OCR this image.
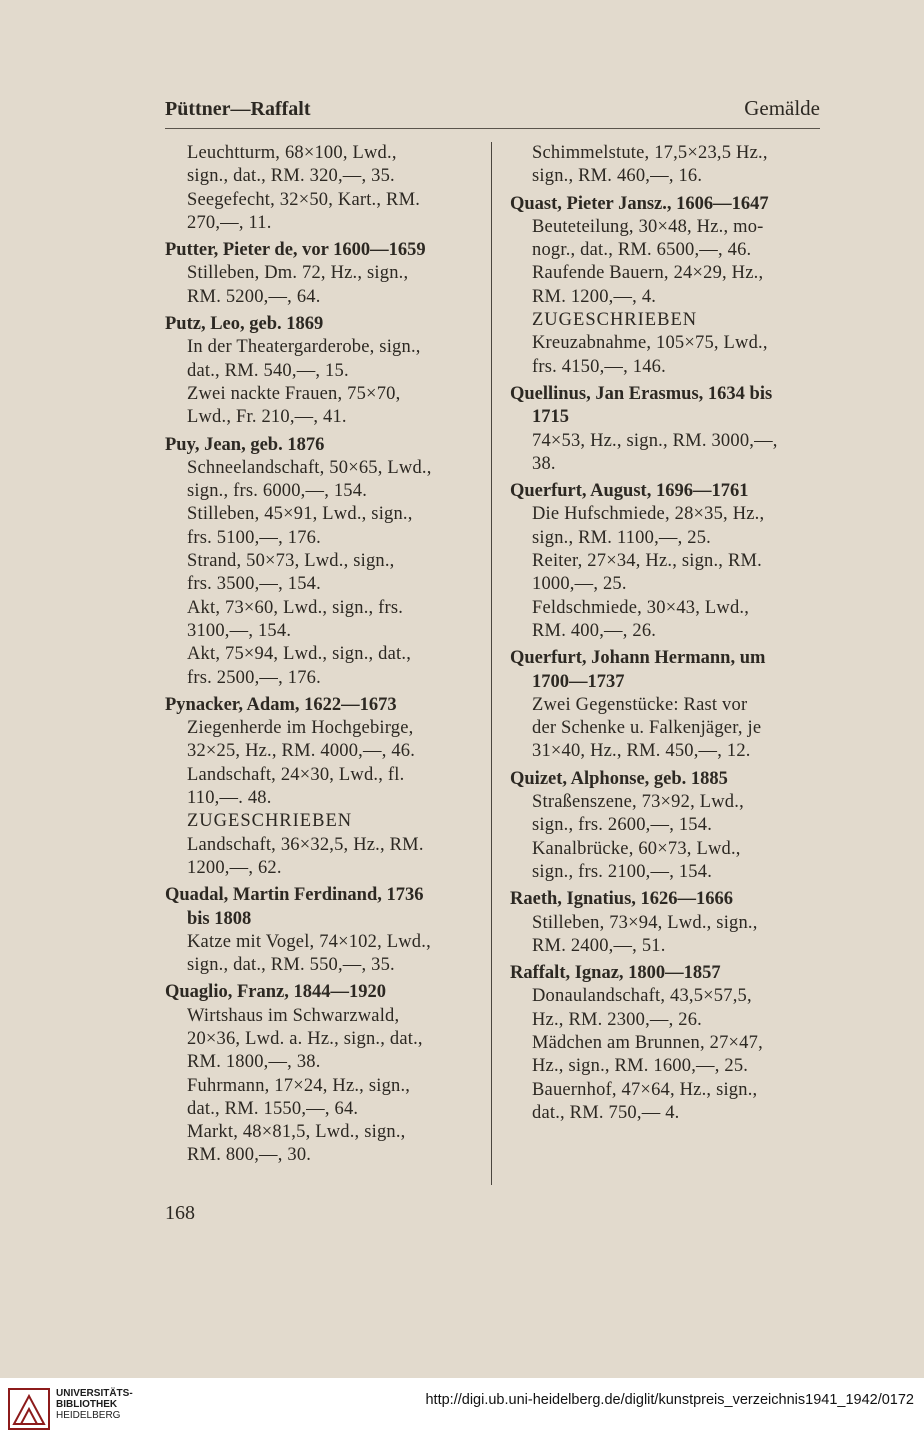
Püttner—Raffalt	Gemälde
Leuchtturm, 68×100, Lwd.,
sign., dat., RM. 320,—, 35.
Seegefecht, 32×50, Kart., RM.
270,—, 11.
Putter, Pieter de, vor 1600—1659
Stilleben, Dm. 72, Hz., sign.,
RM. 5200,—, 64.
Putz, Leo, geb. 1869
In der Theatergarderobe, sign.,
dat., RM. 540,—, 15.
Zwei nackte Frauen, 75×70,
Lwd., Fr. 210,—, 41.
Puy, Jean, geb. 1876
Schneelandschaft, 50×65, Lwd.,
sign., frs. 6000,—, 154.
Stilleben, 45×91, Lwd., sign.,
frs. 5100,—, 176.
Strand, 50×73, Lwd., sign.,
frs. 3500,—, 154.
Akt, 73×60, Lwd., sign., frs.
3100,—, 154.
Akt, 75×94, Lwd., sign., dat.,
frs. 2500,—, 176.
Pynacker, Adam, 1622—1673
Ziegenherde im Hochgebirge,
32×25, Hz., RM. 4000,—, 46.
Landschaft, 24×30, Lwd., fl.
110,—. 48.
ZUGESCHRIEBEN
Landschaft, 36×32,5, Hz., RM.
1200,—, 62.
Quadal, Martin Ferdinand, 1736
bis 1808
Katze mit Vogel, 74×102, Lwd.,
sign., dat., RM. 550,—, 35.
Quaglio, Franz, 1844—1920
Wirtshaus im Schwarzwald,
20×36, Lwd. a. Hz., sign., dat.,
RM. 1800,—, 38.
Fuhrmann, 17×24, Hz., sign.,
dat., RM. 1550,—, 64.
Markt, 48×81,5, Lwd., sign.,
RM. 800,—, 30.
Schimmelstute, 17,5×23,5 Hz.,
sign., RM. 460,—, 16.
Quast, Pieter Jansz., 1606—1647
Beuteteilung, 30×48, Hz., mo-
nogr., dat., RM. 6500,—, 46.
Raufende Bauern, 24×29, Hz.,
RM. 1200,—, 4.
ZUGESCHRIEBEN
Kreuzabnahme, 105×75, Lwd.,
frs. 4150,—, 146.
Quellinus, Jan Erasmus, 1634 bis
1715
74×53, Hz., sign., RM. 3000,—,
38.
Querfurt, August, 1696—1761
Die Hufschmiede, 28×35, Hz.,
sign., RM. 1100,—, 25.
Reiter, 27×34, Hz., sign., RM.
1000,—, 25.
Feldschmiede, 30×43, Lwd.,
RM. 400,—, 26.
Querfurt, Johann Hermann, um
1700—1737
Zwei Gegenstücke: Rast vor
der Schenke u. Falkenjäger, je
31×40, Hz., RM. 450,—, 12.
Quizet, Alphonse, geb. 1885
Straßenszene, 73×92, Lwd.,
sign., frs. 2600,—, 154.
Kanalbrücke, 60×73, Lwd.,
sign., frs. 2100,—, 154.
Raeth, Ignatius, 1626—1666
Stilleben, 73×94, Lwd., sign.,
RM. 2400,—, 51.
Raffalt, Ignaz, 1800—1857
Donaulandschaft, 43,5×57,5,
Hz., RM. 2300,—, 26.
Mädchen am Brunnen, 27×47,
Hz., sign., RM. 1600,—, 25.
Bauernhof, 47×64, Hz., sign.,
dat., RM. 750,— 4.
168
UNIVERSITÄTS-
BIBLIOTHEK
HEIDELBERG
http://digi.ub.uni-heidelberg.de/diglit/kunstpreis_verzeichnis1941_1942/0172
